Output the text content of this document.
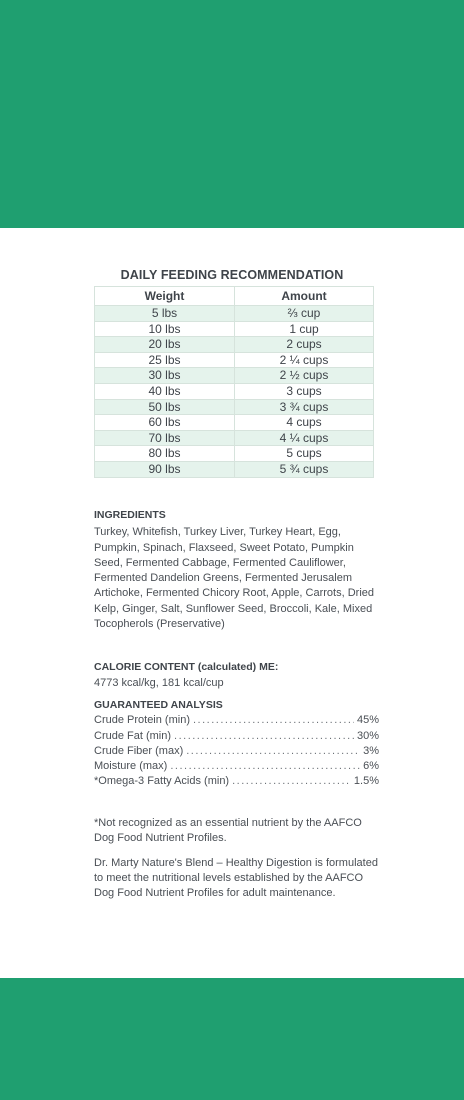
DAILY FEEDING RECOMMENDATION
Weight	Amount
5 lbs	⅔ cup
10 lbs	1 cup
20 lbs	2 cups
25 lbs	2 ¼ cups
30 lbs	2 ½ cups
40 lbs	3 cups
50 lbs	3 ¾ cups
60 lbs	4 cups
70 lbs	4 ¼ cups
80 lbs	5 cups
90 lbs	5 ¾ cups
INGREDIENTS
Turkey, Whitefish, Turkey Liver, Turkey Heart, Egg, Pumpkin, Spinach, Flaxseed, Sweet Potato, Pumpkin Seed, Fermented Cabbage, Fermented Cauliflower, Fermented Dandelion Greens, Fermented Jerusalem Artichoke, Fermented Chicory Root, Apple, Carrots, Dried Kelp, Ginger, Salt, Sunflower Seed, Broccoli, Kale, Mixed Tocopherols (Preservative)
CALORIE CONTENT (calculated) ME:
4773 kcal/kg, 181 kcal/cup
GUARANTEED ANALYSIS
Crude Protein (min) .....	45%
Crude Fat (min) .....	30%
Crude Fiber (max) .....	3%
Moisture (max) .....	6%
*Omega-3 Fatty Acids (min) .....	1.5%

*Not recognized as an essential nutrient by the AAFCO Dog Food Nutrient Profiles.

Dr. Marty Nature's Blend – Healthy Digestion is formulated to meet the nutritional levels established by the AAFCO Dog Food Nutrient Profiles for adult maintenance.
